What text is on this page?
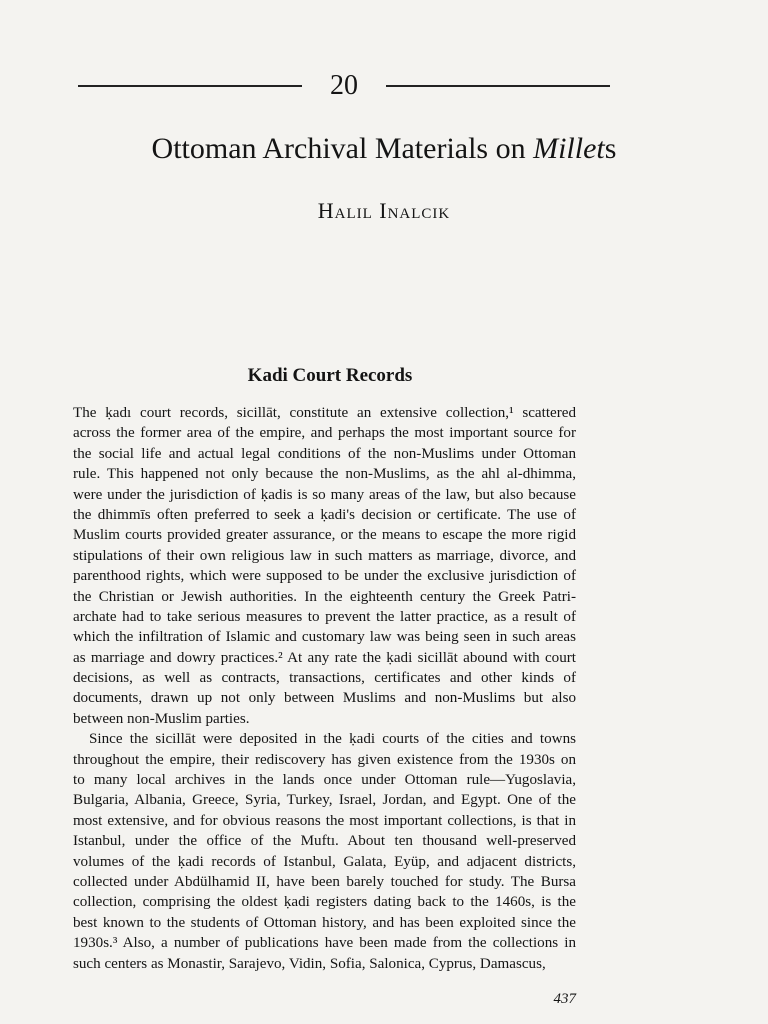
20
Ottoman Archival Materials on Millets
Halil Inalcik
Kadi Court Records
The ḳadı court records, sicillāt, constitute an extensive collection,¹ scattered
across the former area of the empire, and perhaps the most important source for
the social life and actual legal conditions of the non-Muslims under Ottoman
rule. This happened not only because the non-Muslims, as the ahl al-dhimma,
were under the jurisdiction of ḳadis is so many areas of the law, but also because
the dhimmīs often preferred to seek a ḳadi's decision or certificate. The use of
Muslim courts provided greater assurance, or the means to escape the more rigid
stipulations of their own religious law in such matters as marriage, divorce, and
parenthood rights, which were supposed to be under the exclusive jurisdiction of
the Christian or Jewish authorities. In the eighteenth century the Greek Patri-
archate had to take serious measures to prevent the latter practice, as a result of
which the infiltration of Islamic and customary law was being seen in such areas
as marriage and dowry practices.² At any rate the ḳadi sicillāt abound with court
decisions, as well as contracts, transactions, certificates and other kinds of
documents, drawn up not only between Muslims and non-Muslims but also
between non-Muslim parties.
Since the sicillāt were deposited in the ḳadi courts of the cities and towns
throughout the empire, their rediscovery has given existence from the 1930s on
to many local archives in the lands once under Ottoman rule—Yugoslavia,
Bulgaria, Albania, Greece, Syria, Turkey, Israel, Jordan, and Egypt. One of the
most extensive, and for obvious reasons the most important collections, is that in
Istanbul, under the office of the Muftı. About ten thousand well-preserved
volumes of the ḳadi records of Istanbul, Galata, Eyüp, and adjacent districts,
collected under Abdülhamid II, have been barely touched for study. The Bursa
collection, comprising the oldest ḳadi registers dating back to the 1460s, is the
best known to the students of Ottoman history, and has been exploited since the
1930s.³ Also, a number of publications have been made from the collections in
such centers as Monastir, Sarajevo, Vidin, Sofia, Salonica, Cyprus, Damascus,
437
